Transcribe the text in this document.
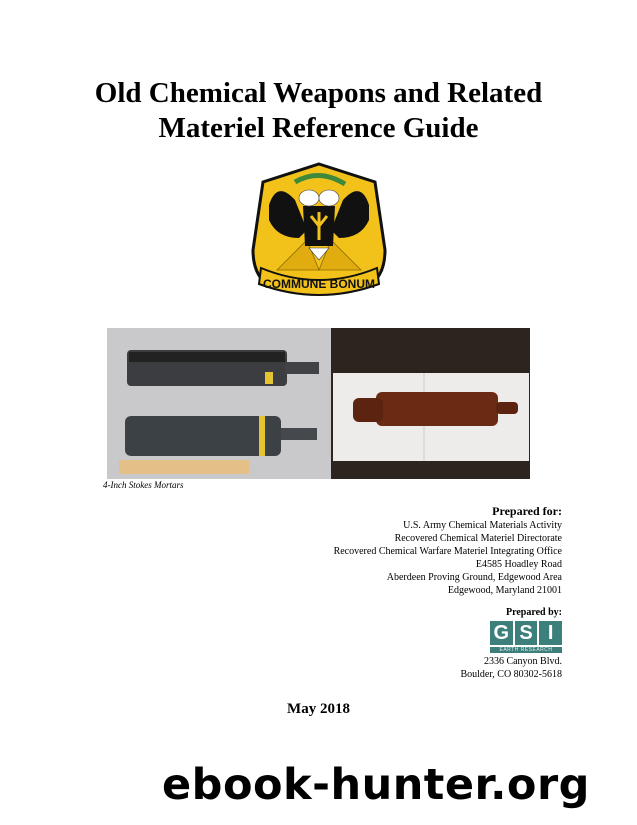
Old Chemical Weapons and Related
Materiel Reference Guide
COMMUNE BONUM
4-Inch Stokes Mortars
Prepared for:
U.S. Army Chemical Materials Activity
Recovered Chemical Materiel Directorate
Recovered Chemical Warfare Materiel Integrating Office
E4585 Hoadley Road
Aberdeen Proving Ground, Edgewood Area
Edgewood, Maryland 21001
Prepared by:
G S I
EARTH RESEARCH
2336 Canyon Blvd.
Boulder, CO 80302-5618
May 2018
ebook-hunter.org
